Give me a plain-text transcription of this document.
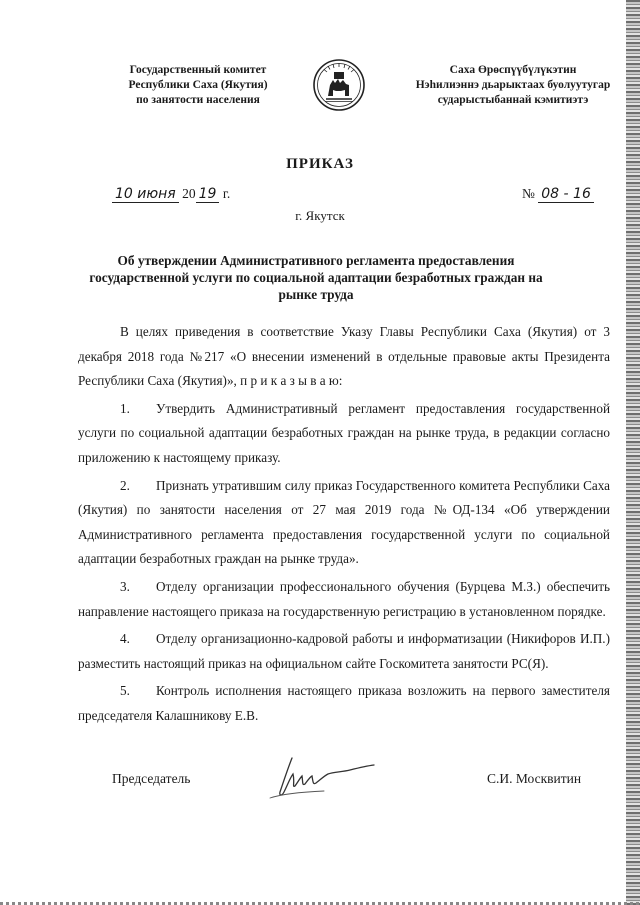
Государственный комитет
Республики Саха (Якутия)
по занятости населения
Саха Өрөспүүбүлүкэтин
Нэһилиэннэ дьарыктаах буолуутугар
сударыстыбаннай кэмитиэтэ
ПРИКАЗ
10 июня 20 19 г.	№ 08 - 16
г. Якутск
Об утверждении Административного регламента предоставления государственной услуги по социальной адаптации безработных граждан на рынке труда

В целях приведения в соответствие Указу Главы Республики Саха (Якутия) от 3 декабря 2018 года №217 «О внесении изменений в отдельные правовые акты Президента Республики Саха (Якутия)», п р и к а з ы в а ю:

1. Утвердить Административный регламент предоставления государственной услуги по социальной адаптации безработных граждан на рынке труда, в редакции согласно приложению к настоящему приказу.

2. Признать утратившим силу приказ Государственного комитета Республики Саха (Якутия) по занятости населения от 27 мая 2019 года №ОД-134 «Об утверждении Административного регламента предоставления государственной услуги по социальной адаптации безработных граждан на рынке труда».

3. Отделу организации профессионального обучения (Бурцева М.З.) обеспечить направление настоящего приказа на государственную регистрацию в установленном порядке.

4. Отделу организационно-кадровой работы и информатизации (Никифоров И.П.) разместить настоящий приказ на официальном сайте Госкомитета занятости РС(Я).

5. Контроль исполнения настоящего приказа возложить на первого заместителя председателя Калашникову Е.В.

Председатель	С.И. Москвитин
